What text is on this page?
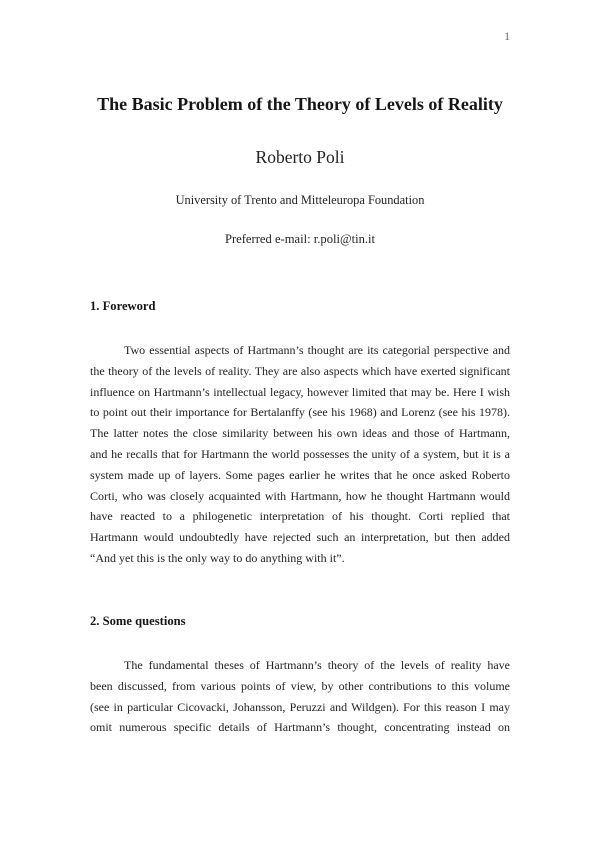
1
The Basic Problem of the Theory of Levels of Reality
Roberto Poli
University of Trento and Mitteleuropa Foundation
Preferred e-mail: r.poli@tin.it
1. Foreword
Two essential aspects of Hartmann’s thought are its categorial perspective and
the theory of the levels of reality. They are also aspects which have exerted significant
influence on Hartmann’s intellectual legacy, however limited that may be. Here I wish
to point out their importance for Bertalanffy (see his 1968) and Lorenz (see his 1978).
The latter notes the close similarity between his own ideas and those of Hartmann,
and he recalls that for Hartmann the world possesses the unity of a system, but it is a
system made up of layers. Some pages earlier he writes that he once asked Roberto
Corti, who was closely acquainted with Hartmann, how he thought Hartmann would
have reacted to a philogenetic interpretation of his thought. Corti replied that
Hartmann would undoubtedly have rejected such an interpretation, but then added
“And yet this is the only way to do anything with it”.
2. Some questions
The fundamental theses of Hartmann’s theory of the levels of reality have
been discussed, from various points of view, by other contributions to this volume
(see in particular Cicovacki, Johansson, Peruzzi and Wildgen). For this reason I may
omit numerous specific details of Hartmann’s thought, concentrating instead on
